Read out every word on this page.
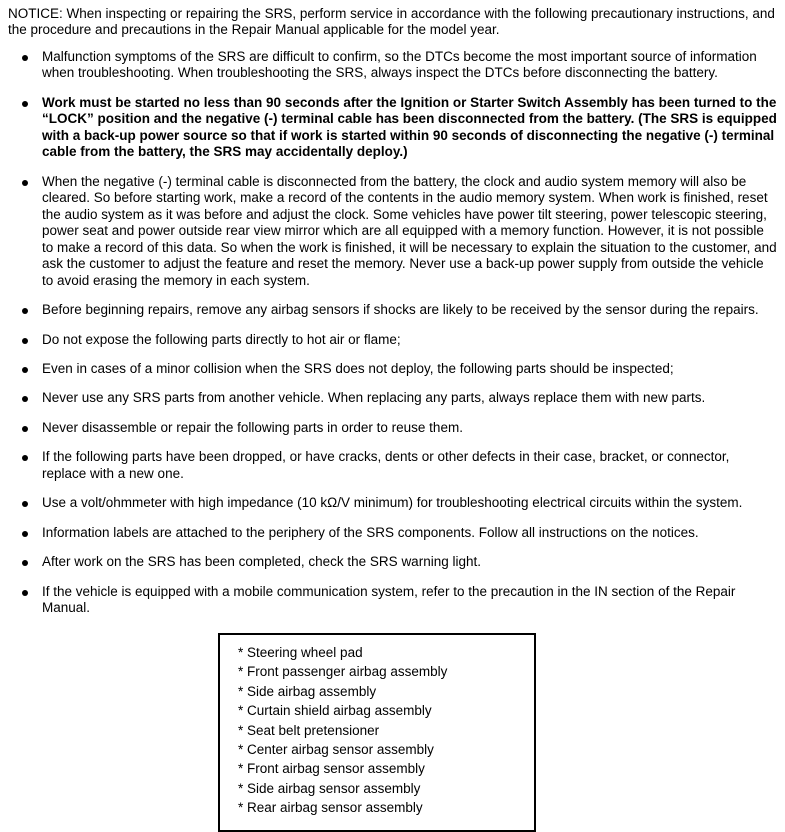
NOTICE: When inspecting or repairing the SRS, perform service in accordance with the following precautionary instructions, and the procedure and precautions in the Repair Manual applicable for the model year.

Malfunction symptoms of the SRS are difficult to confirm, so the DTCs become the most important source of information when troubleshooting. When troubleshooting the SRS, always inspect the DTCs before disconnecting the battery.
Work must be started no less than 90 seconds after the Ignition or Starter Switch Assembly has been turned to the “LOCK” position and the negative (-) terminal cable has been disconnected from the battery. (The SRS is equipped with a back-up power source so that if work is started within 90 seconds of disconnecting the negative (-) terminal cable from the battery, the SRS may accidentally deploy.)
When the negative (-) terminal cable is disconnected from the battery, the clock and audio system memory will also be cleared. So before starting work, make a record of the contents in the audio memory system. When work is finished, reset the audio system as it was before and adjust the clock. Some vehicles have power tilt steering, power telescopic steering, power seat and power outside rear view mirror which are all equipped with a memory function. However, it is not possible to make a record of this data. So when the work is finished, it will be necessary to explain the situation to the customer, and ask the customer to adjust the feature and reset the memory. Never use a back-up power supply from outside the vehicle to avoid erasing the memory in each system.
Before beginning repairs, remove any airbag sensors if shocks are likely to be received by the sensor during the repairs.
Do not expose the following parts directly to hot air or flame;
Even in cases of a minor collision when the SRS does not deploy, the following parts should be inspected;
Never use any SRS parts from another vehicle. When replacing any parts, always replace them with new parts.
Never disassemble or repair the following parts in order to reuse them.
If the following parts have been dropped, or have cracks, dents or other defects in their case, bracket, or connector, replace with a new one.
Use a volt/ohmmeter with high impedance (10 kΩ/V minimum) for troubleshooting electrical circuits within the system.
Information labels are attached to the periphery of the SRS components. Follow all instructions on the notices.
After work on the SRS has been completed, check the SRS warning light.
If the vehicle is equipped with a mobile communication system, refer to the precaution in the IN section of the Repair Manual.

* Steering wheel pad

* Front passenger airbag assembly

* Side airbag assembly

* Curtain shield airbag assembly

* Seat belt pretensioner

* Center airbag sensor assembly

* Front airbag sensor assembly

* Side airbag sensor assembly

* Rear airbag sensor assembly
